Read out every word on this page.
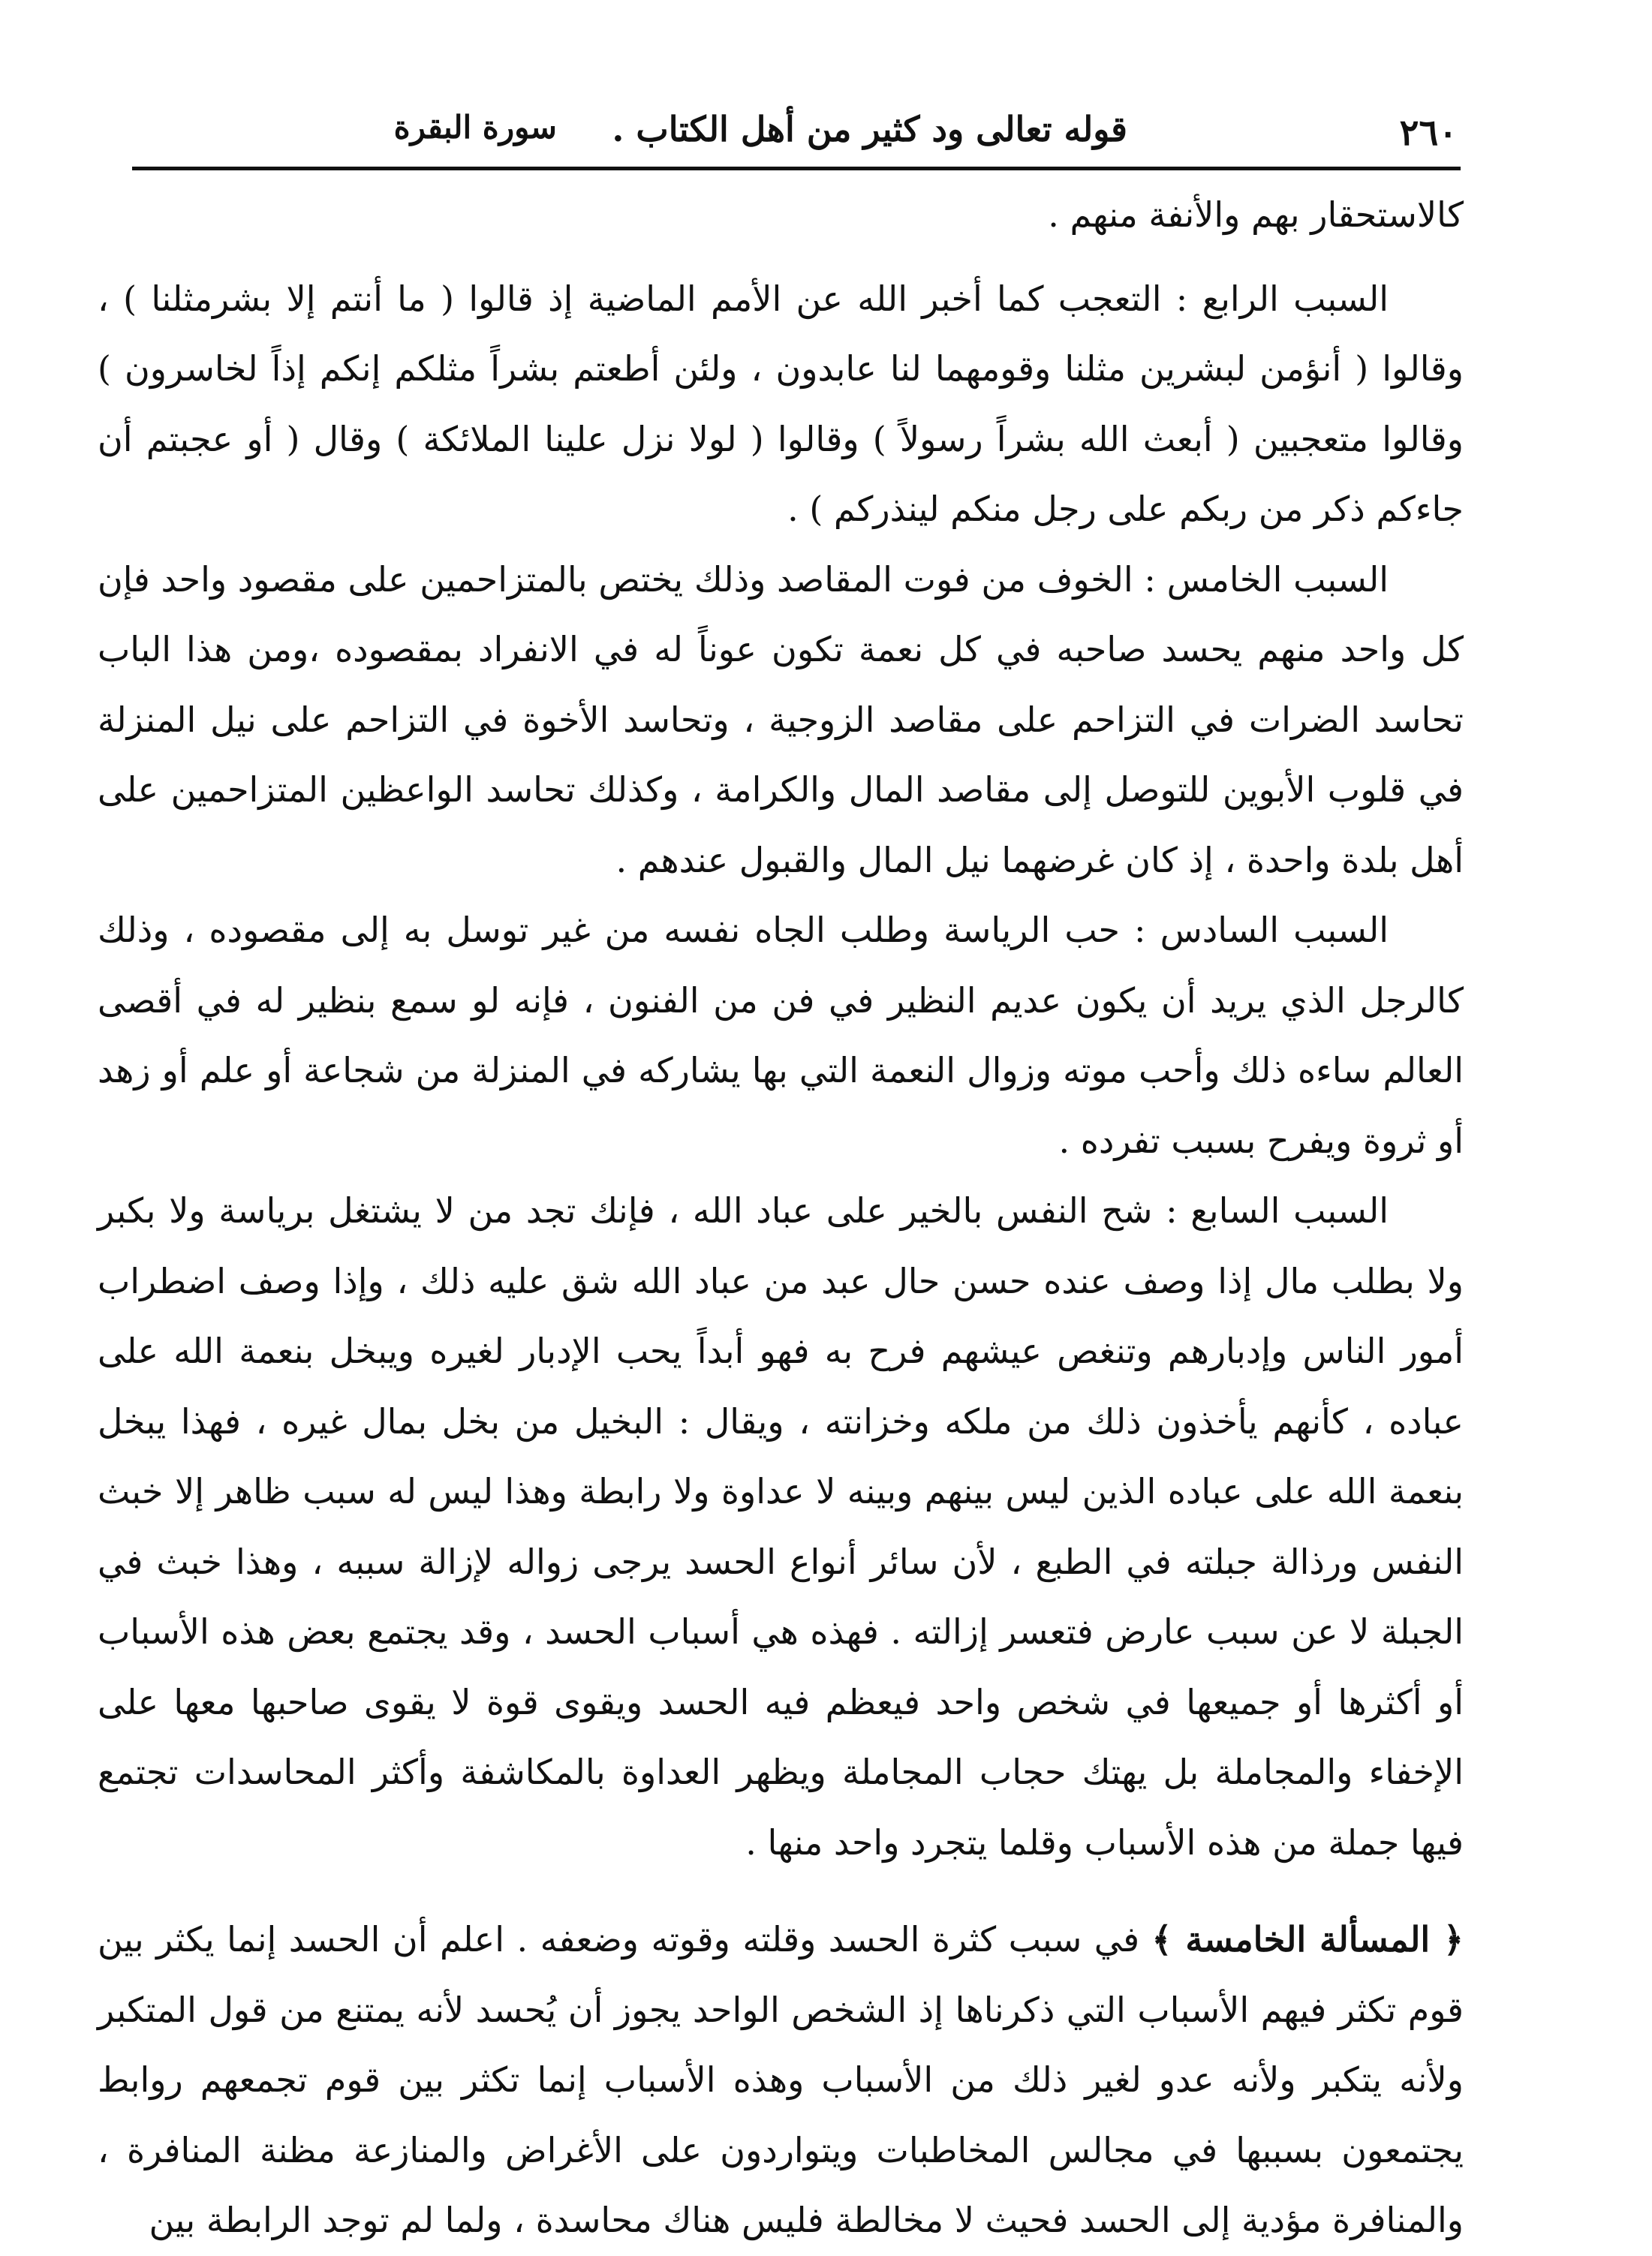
٢٦٠
قوله تعالى ود كثير من أهل الكتاب .
سورة البقرة

كالاستحقار بهم والأنفة منهم .

السبب الرابع : التعجب كما أخبر الله عن الأمم الماضية إذ قالوا ( ما أنتم إلا بشرمثلنا ) ، وقالوا ( أنؤمن لبشرين مثلنا وقومهما لنا عابدون ، ولئن أطعتم بشراً مثلكم إنكم إذاً لخاسرون ) وقالوا متعجبين ( أبعث الله بشراً رسولاً ) وقالوا ( لولا نزل علينا الملائكة ) وقال ( أو عجبتم أن جاءكم ذكر من ربكم على رجل منكم لينذركم ) .

السبب الخامس : الخوف من فوت المقاصد وذلك يختص بالمتزاحمين على مقصود واحد فإن كل واحد منهم يحسد صاحبه في كل نعمة تكون عوناً له في الانفراد بمقصوده ،ومن هذا الباب تحاسد الضرات في التزاحم على مقاصد الزوجية ، وتحاسد الأخوة في التزاحم على نيل المنزلة في قلوب الأبوين للتوصل إلى مقاصد المال والكرامة ، وكذلك تحاسد الواعظين المتزاحمين على أهل بلدة واحدة ، إذ كان غرضهما نيل المال والقبول عندهم .

السبب السادس : حب الرياسة وطلب الجاه نفسه من غير توسل به إلى مقصوده ، وذلك كالرجل الذي يريد أن يكون عديم النظير في فن من الفنون ، فإنه لو سمع بنظير له في أقصى العالم ساءه ذلك وأحب موته وزوال النعمة التي بها يشاركه في المنزلة من شجاعة أو علم أو زهد أو ثروة ويفرح بسبب تفرده .

السبب السابع : شح النفس بالخير على عباد الله ، فإنك تجد من لا يشتغل برياسة ولا بكبر ولا بطلب مال إذا وصف عنده حسن حال عبد من عباد الله شق عليه ذلك ، وإذا وصف اضطراب أمور الناس وإدبارهم وتنغص عيشهم فرح به فهو أبداً يحب الإدبار لغيره ويبخل بنعمة الله على عباده ، كأنهم يأخذون ذلك من ملكه وخزانته ، ويقال : البخيل من بخل بمال غيره ، فهذا يبخل بنعمة الله على عباده الذين ليس بينهم وبينه لا عداوة ولا رابطة وهذا ليس له سبب ظاهر إلا خبث النفس ورذالة جبلته في الطبع ، لأن سائر أنواع الحسد يرجى زواله لإزالة سببه ، وهذا خبث في الجبلة لا عن سبب عارض فتعسر إزالته . فهذه هي أسباب الحسد ، وقد يجتمع بعض هذه الأسباب أو أكثرها أو جميعها في شخص واحد فيعظم فيه الحسد ويقوى قوة لا يقوى صاحبها معها على الإخفاء والمجاملة بل يهتك حجاب المجاملة ويظهر العداوة بالمكاشفة وأكثر المحاسدات تجتمع فيها جملة من هذه الأسباب وقلما يتجرد واحد منها .

﴿ المسألة الخامسة ﴾ في سبب كثرة الحسد وقلته وقوته وضعفه . اعلم أن الحسد إنما يكثر بين قوم تكثر فيهم الأسباب التي ذكرناها إذ الشخص الواحد يجوز أن يُحسد لأنه يمتنع من قول المتكبر ولأنه يتكبر ولأنه عدو لغير ذلك من الأسباب وهذه الأسباب إنما تكثر بين قوم تجمعهم روابط يجتمعون بسببها في مجالس المخاطبات ويتواردون على الأغراض والمنازعة مظنة المنافرة ، والمنافرة مؤدية إلى الحسد فحيث لا مخالطة فليس هناك محاسدة ، ولما لم توجد الرابطة بين
